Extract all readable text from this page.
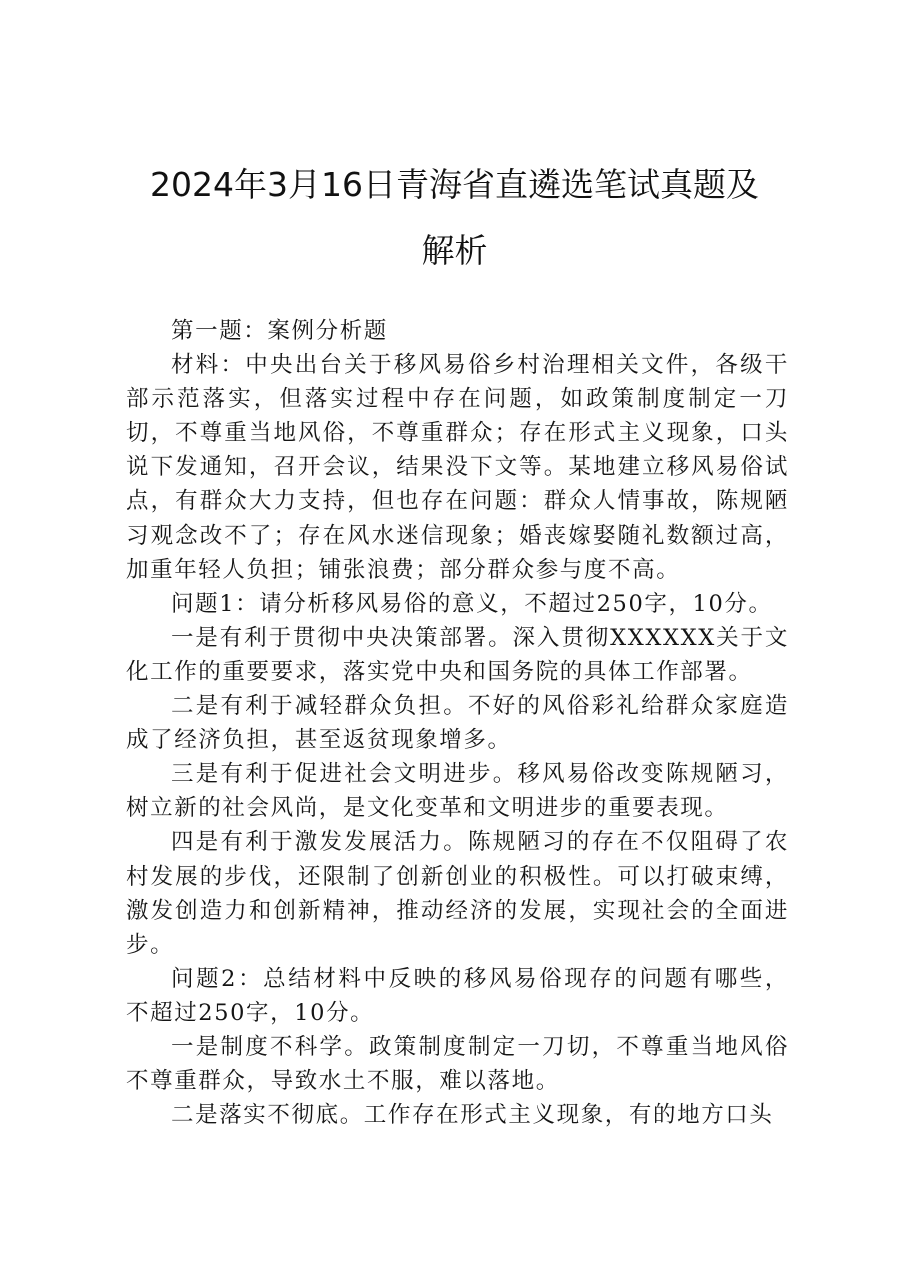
2024年3月16日青海省直遴选笔试真题及
解析

第一题：案例分析题

材料：中央出台关于移风易俗乡村治理相关文件，各级干部示范落实，但落实过程中存在问题，如政策制度制定一刀切，不尊重当地风俗，不尊重群众；存在形式主义现象，口头说下发通知，召开会议，结果没下文等。某地建立移风易俗试点，有群众大力支持，但也存在问题：群众人情事故，陈规陋习观念改不了；存在风水迷信现象；婚丧嫁娶随礼数额过高，加重年轻人负担；铺张浪费；部分群众参与度不高。

问题1：请分析移风易俗的意义，不超过250字，10分。

一是有利于贯彻中央决策部署。深入贯彻XXXXXX关于文化工作的重要要求，落实党中央和国务院的具体工作部署。

二是有利于减轻群众负担。不好的风俗彩礼给群众家庭造成了经济负担，甚至返贫现象增多。

三是有利于促进社会文明进步。移风易俗改变陈规陋习，树立新的社会风尚，是文化变革和文明进步的重要表现。

四是有利于激发发展活力。陈规陋习的存在不仅阻碍了农村发展的步伐，还限制了创新创业的积极性。可以打破束缚，激发创造力和创新精神，推动经济的发展，实现社会的全面进步。

问题2：总结材料中反映的移风易俗现存的问题有哪些，不超过250字，10分。

一是制度不科学。政策制度制定一刀切，不尊重当地风俗不尊重群众，导致水土不服，难以落地。

二是落实不彻底。工作存在形式主义现象，有的地方口头
